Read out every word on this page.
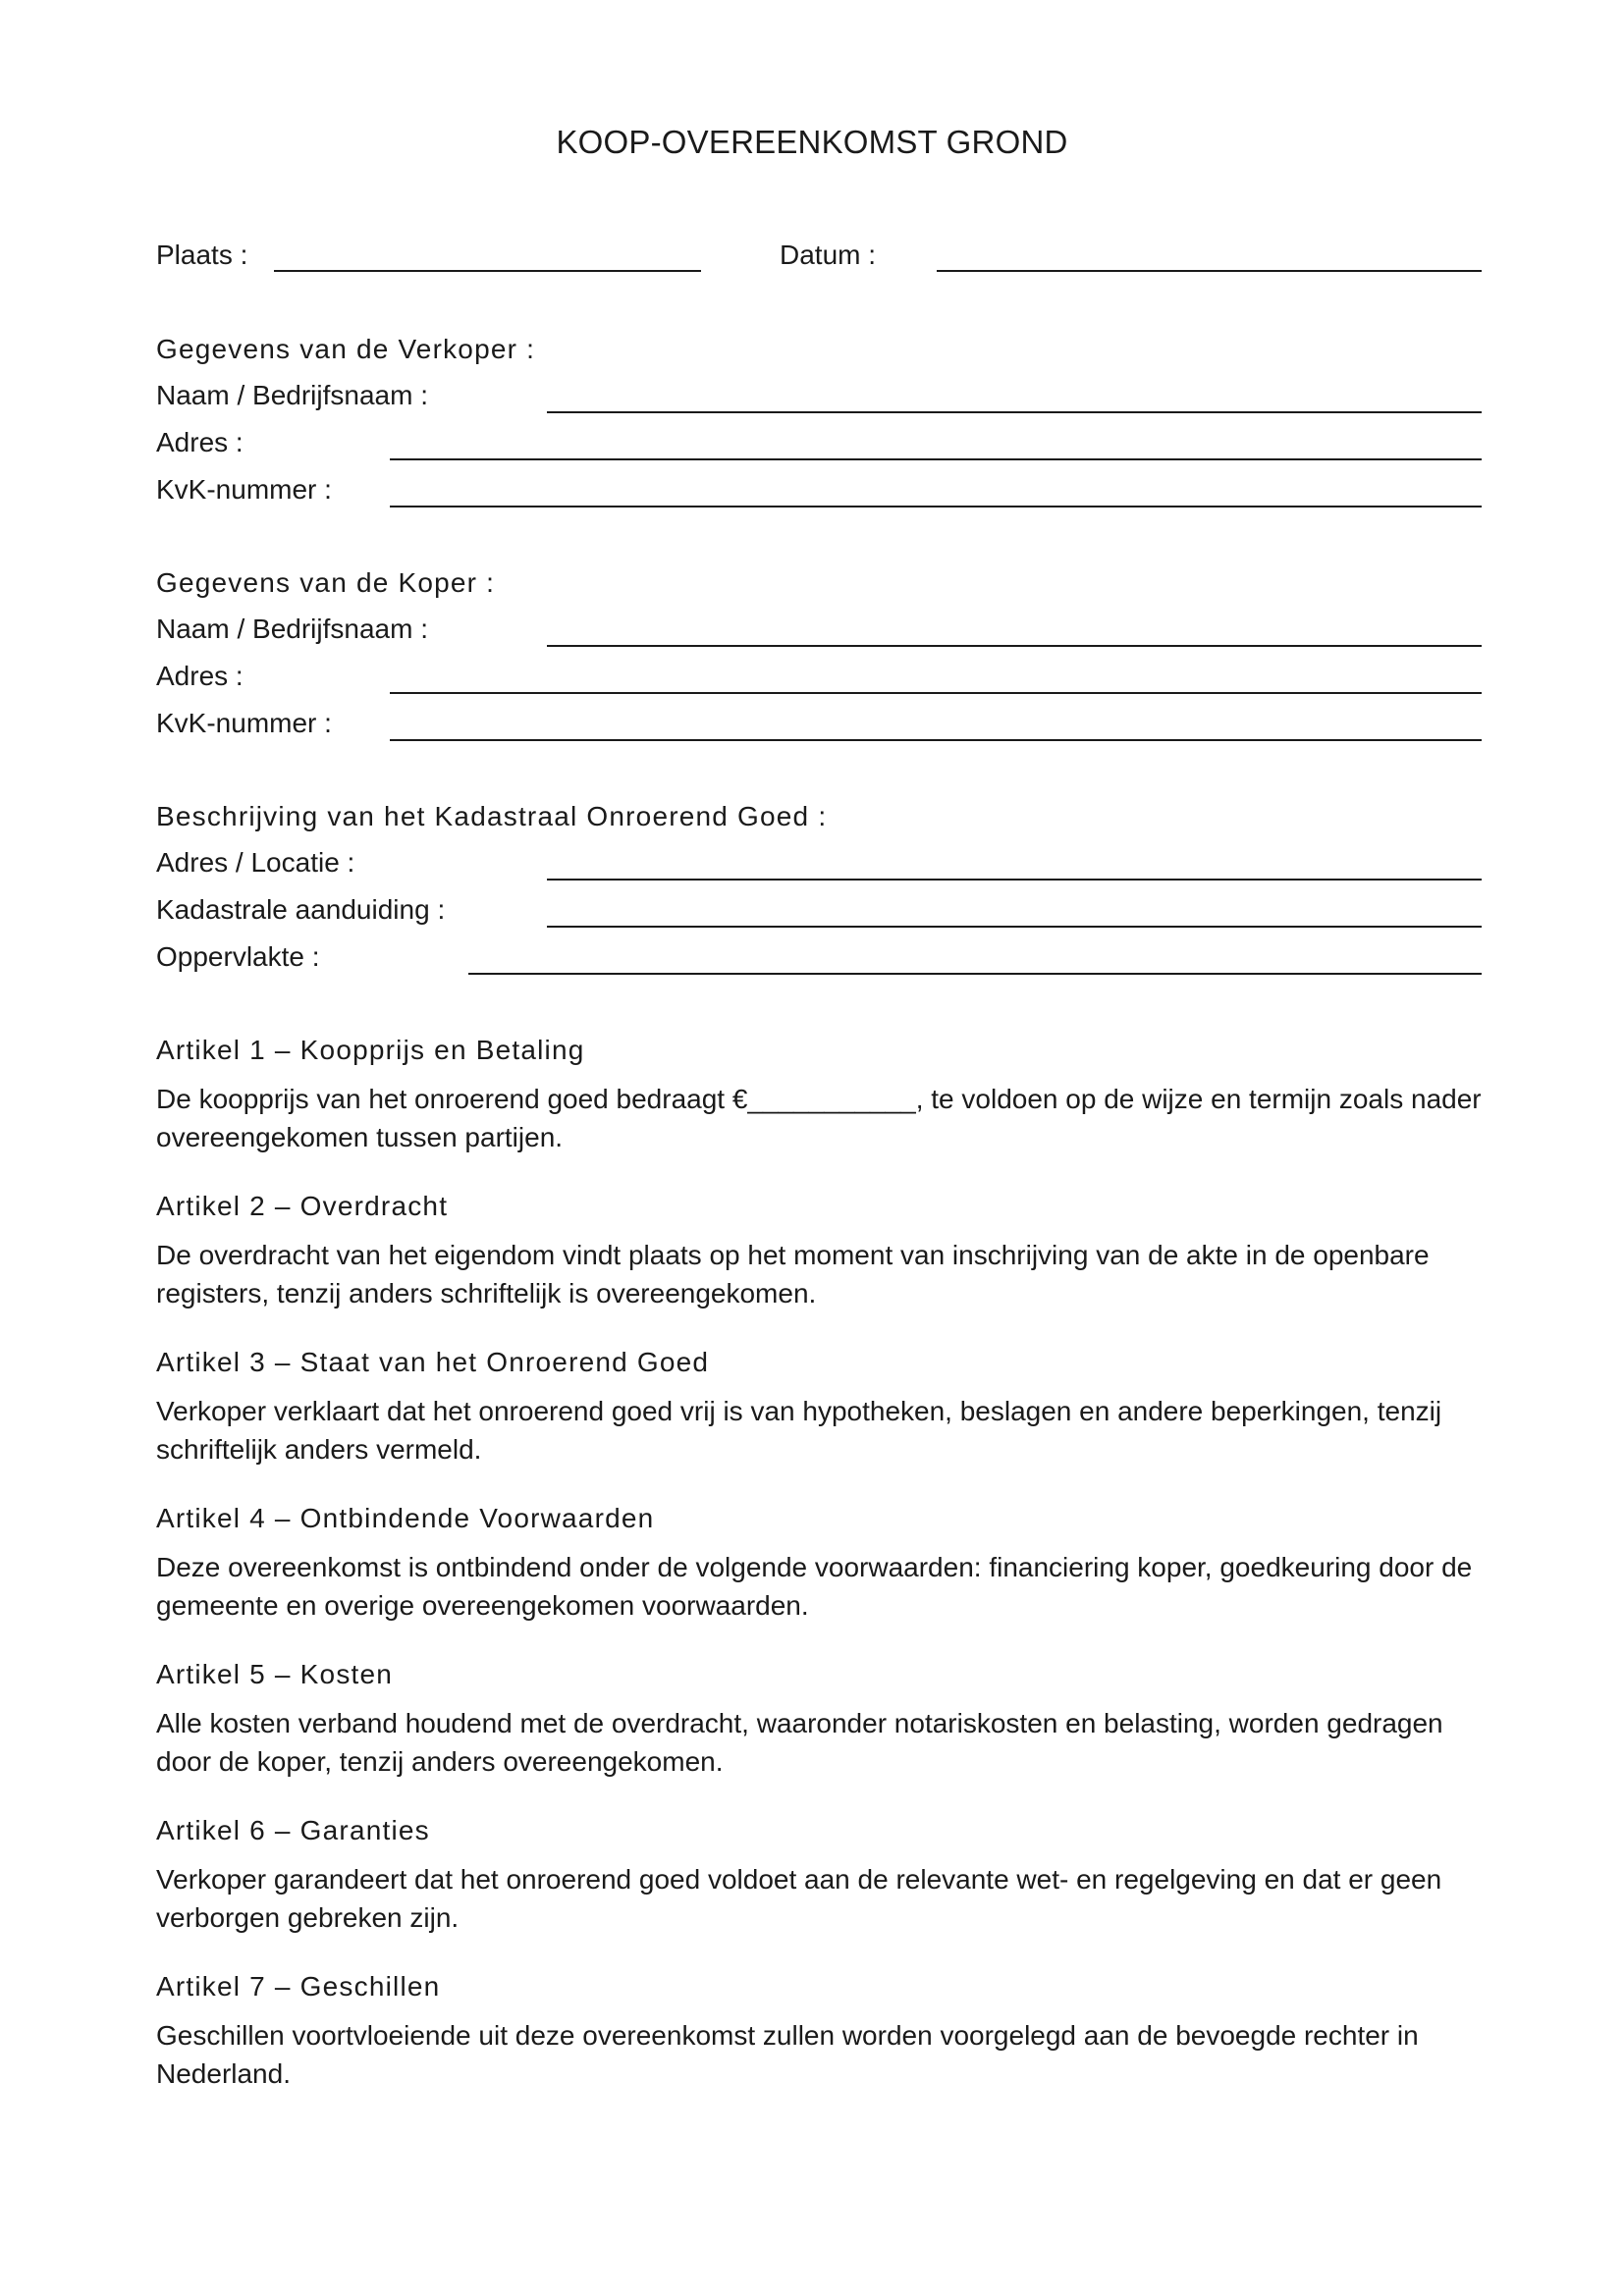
KOOP-OVEREENKOMST GROND
Plaats :	Datum :
Gegevens van de Verkoper :
Naam / Bedrijfsnaam :
Adres :
KvK-nummer :
Gegevens van de Koper :
Naam / Bedrijfsnaam :
Adres :
KvK-nummer :
Beschrijving van het Kadastraal Onroerend Goed :
Adres / Locatie :
Kadastrale aanduiding :
Oppervlakte :
Artikel 1 – Koopprijs en Betaling
De koopprijs van het onroerend goed bedraagt €___________, te voldoen op de wijze en termijn zoals nader overeengekomen tussen partijen.
Artikel 2 – Overdracht
De overdracht van het eigendom vindt plaats op het moment van inschrijving van de akte in de openbare registers, tenzij anders schriftelijk is overeengekomen.
Artikel 3 – Staat van het Onroerend Goed
Verkoper verklaart dat het onroerend goed vrij is van hypotheken, beslagen en andere beperkingen, tenzij schriftelijk anders vermeld.
Artikel 4 – Ontbindende Voorwaarden
Deze overeenkomst is ontbindend onder de volgende voorwaarden: financiering koper, goedkeuring door de gemeente en overige overeengekomen voorwaarden.
Artikel 5 – Kosten
Alle kosten verband houdend met de overdracht, waaronder notariskosten en belasting, worden gedragen door de koper, tenzij anders overeengekomen.
Artikel 6 – Garanties
Verkoper garandeert dat het onroerend goed voldoet aan de relevante wet- en regelgeving en dat er geen verborgen gebreken zijn.
Artikel 7 – Geschillen
Geschillen voortvloeiende uit deze overeenkomst zullen worden voorgelegd aan de bevoegde rechter in Nederland.
